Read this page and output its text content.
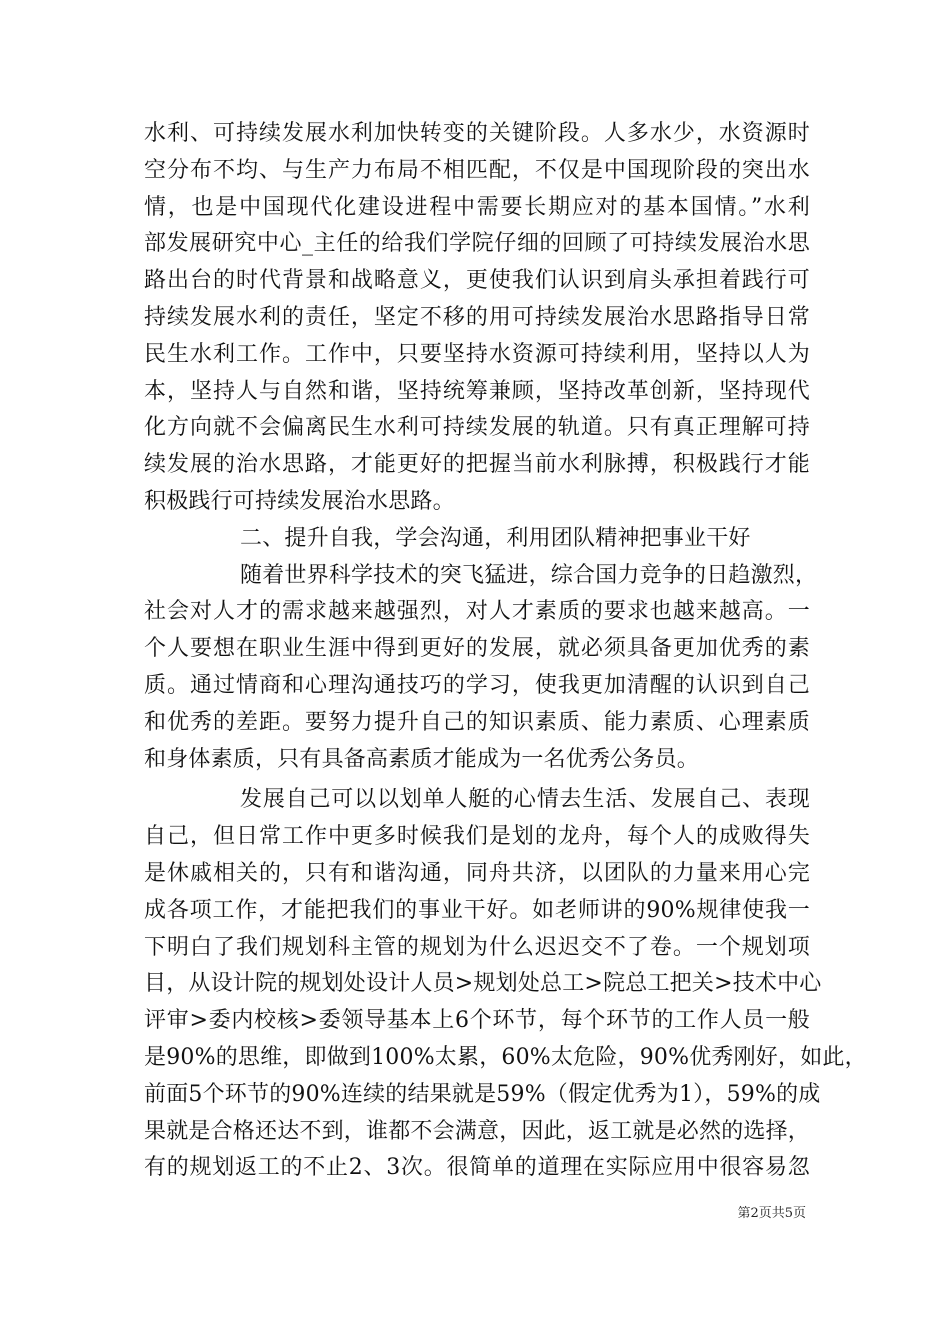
水利、可持续发展水利加快转变的关键阶段。人多水少，水资源时
空分布不均、与生产力布局不相匹配，不仅是中国现阶段的突出水
情，也是中国现代化建设进程中需要长期应对的基本国情。”水利
部发展研究中心_主任的给我们学院仔细的回顾了可持续发展治水思
路出台的时代背景和战略意义，更使我们认识到肩头承担着践行可
持续发展水利的责任，坚定不移的用可持续发展治水思路指导日常
民生水利工作。工作中，只要坚持水资源可持续利用，坚持以人为
本，坚持人与自然和谐，坚持统筹兼顾，坚持改革创新，坚持现代
化方向就不会偏离民生水利可持续发展的轨道。只有真正理解可持
续发展的治水思路，才能更好的把握当前水利脉搏，积极践行才能
积极践行可持续发展治水思路。
二、提升自我，学会沟通，利用团队精神把事业干好
随着世界科学技术的突飞猛进，综合国力竞争的日趋激烈，
社会对人才的需求越来越强烈，对人才素质的要求也越来越高。一
个人要想在职业生涯中得到更好的发展，就必须具备更加优秀的素
质。通过情商和心理沟通技巧的学习，使我更加清醒的认识到自己
和优秀的差距。要努力提升自己的知识素质、能力素质、心理素质
和身体素质，只有具备高素质才能成为一名优秀公务员。
发展自己可以以划单人艇的心情去生活、发展自己、表现
自己，但日常工作中更多时候我们是划的龙舟，每个人的成败得失
是休戚相关的，只有和谐沟通，同舟共济，以团队的力量来用心完
成各项工作，才能把我们的事业干好。如老师讲的90%规律使我一
下明白了我们规划科主管的规划为什么迟迟交不了卷。一个规划项
目，从设计院的规划处设计人员>规划处总工>院总工把关>技术中心
评审>委内校核>委领导基本上6个环节，每个环节的工作人员一般
是90%的思维，即做到100%太累，60%太危险，90%优秀刚好，如此，
前面5个环节的90%连续的结果就是59%（假定优秀为1），59%的成
果就是合格还达不到，谁都不会满意，因此，返工就是必然的选择，
有的规划返工的不止2、3次。很简单的道理在实际应用中很容易忽
第2页共5页
